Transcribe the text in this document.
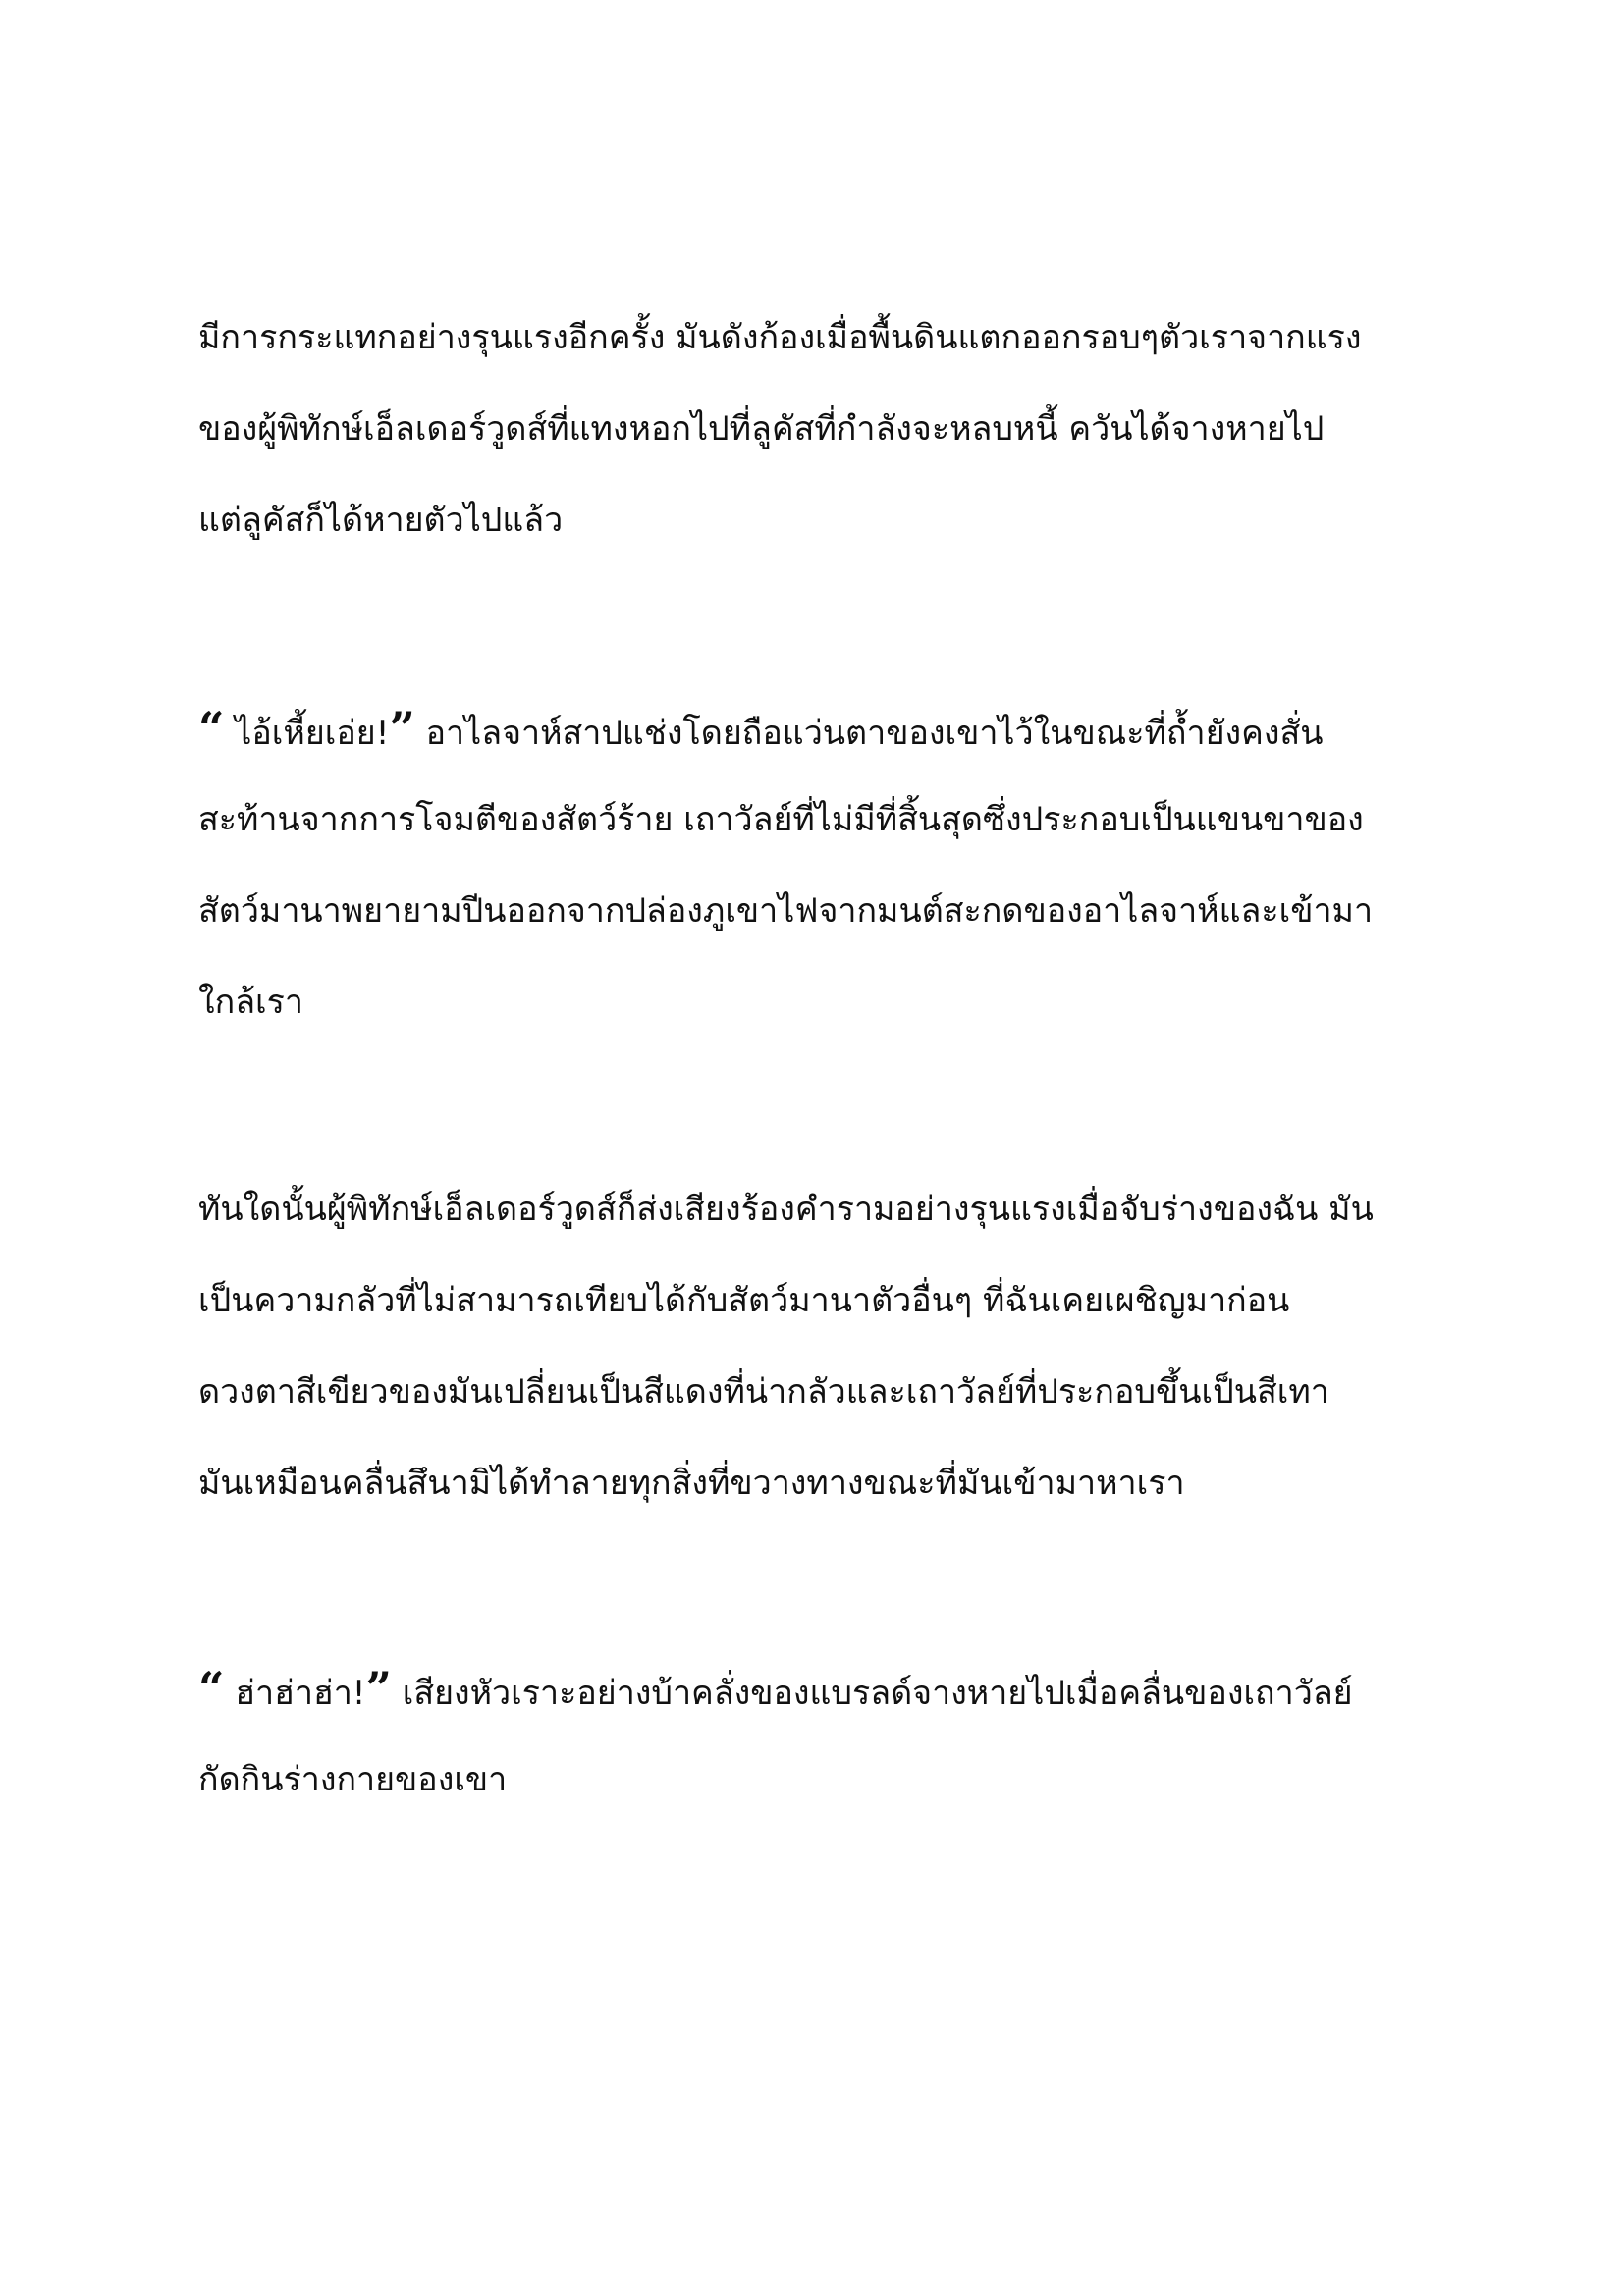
มีการกระแทกอย่างรุนแรงอีกครั้ง มันดังก้องเมื่อพื้นดินแตกออกรอบๆตัวเราจากแรง
ของผู้พิทักษ์เอ็ลเดอร์วูดส์ที่แทงหอกไปที่ลูคัสที่กำลังจะหลบหนี้ ควันได้จางหายไป
แต่ลูคัสก็ได้หายตัวไปแล้ว
“ ไอ้เหี้ยเอ่ย!” อาไลจาห์สาปแช่งโดยถือแว่นตาของเขาไว้ในขณะที่ถ้ำยังคงสั่น
สะท้านจากการโจมตีของสัตว์ร้าย เถาวัลย์ที่ไม่มีที่สิ้นสุดซึ่งประกอบเป็นแขนขาของ
สัตว์มานาพยายามปีนออกจากปล่องภูเขาไฟจากมนต์สะกดของอาไลจาห์และเข้ามา
ใกล้เรา
ทันใดนั้นผู้พิทักษ์เอ็ลเดอร์วูดส์ก็ส่งเสียงร้องคำรามอย่างรุนแรงเมื่อจับร่างของฉัน มัน
เป็นความกลัวที่ไม่สามารถเทียบได้กับสัตว์มานาตัวอื่นๆ ที่ฉันเคยเผชิญมาก่อน
ดวงตาสีเขียวของมันเปลี่ยนเป็นสีแดงที่น่ากลัวและเถาวัลย์ที่ประกอบขึ้นเป็นสีเทา
มันเหมือนคลื่นสึนามิได้ทำลายทุกสิ่งที่ขวางทางขณะที่มันเข้ามาหาเรา
“ ฮ่าฮ่าฮ่า!” เสียงหัวเราะอย่างบ้าคลั่งของแบรลด์จางหายไปเมื่อคลื่นของเถาวัลย์
กัดกินร่างกายของเขา
